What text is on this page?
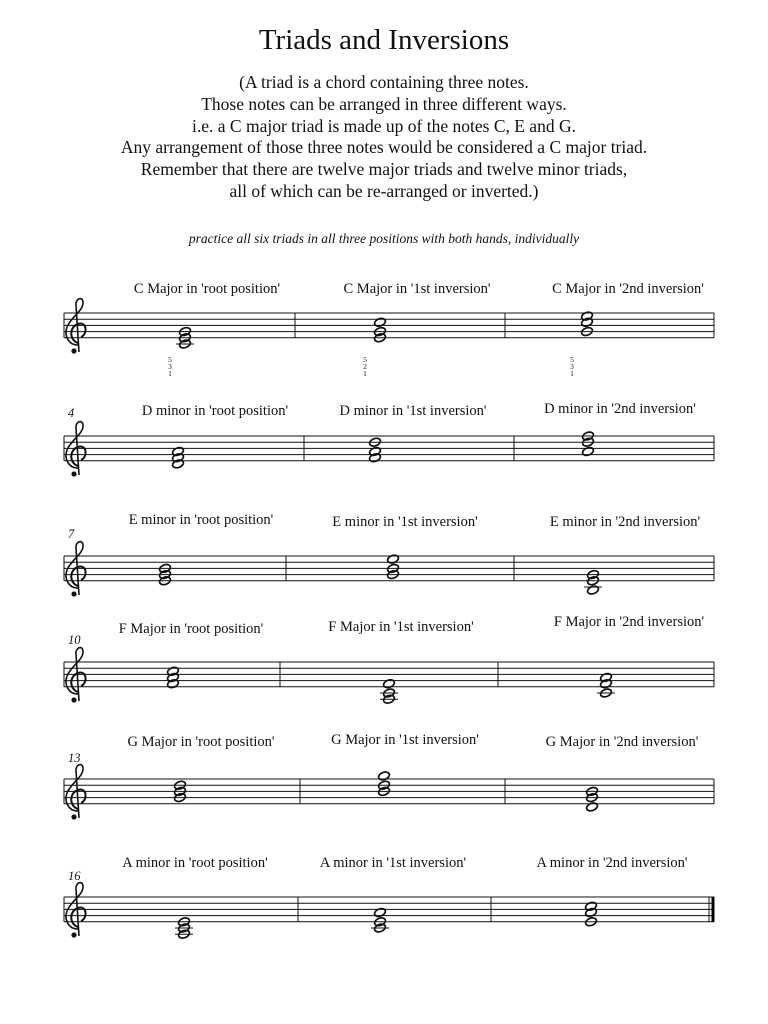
Triads and Inversions
(A triad is a chord containing three notes.
Those notes can be arranged in three different ways.
i.e. a C major triad is made up of the notes C, E and G.
Any arrangement of those three notes would be considered a C major triad.
Remember that there are twelve major triads and twelve minor triads,
all of which can be re-arranged or inverted.)
practice all six triads in all three positions with both hands, individually
C Major in 'root position'	C Major in '1st inversion'	C Major in '2nd inversion'
4	D minor in 'root position'	D minor in '1st inversion'	D minor in '2nd inversion'
7
E minor in 'root position'	E minor in '1st inversion'	E minor in '2nd inversion'
10
F Major in 'root position'	F Major in '1st inversion'	F Major in '2nd inversion'
13
G Major in 'root position'	G Major in '1st inversion'	G Major in '2nd inversion'
16
A minor in 'root position'	A minor in '1st inversion'	A minor in '2nd inversion'
5
3
1
5
2
1
5
3
1
